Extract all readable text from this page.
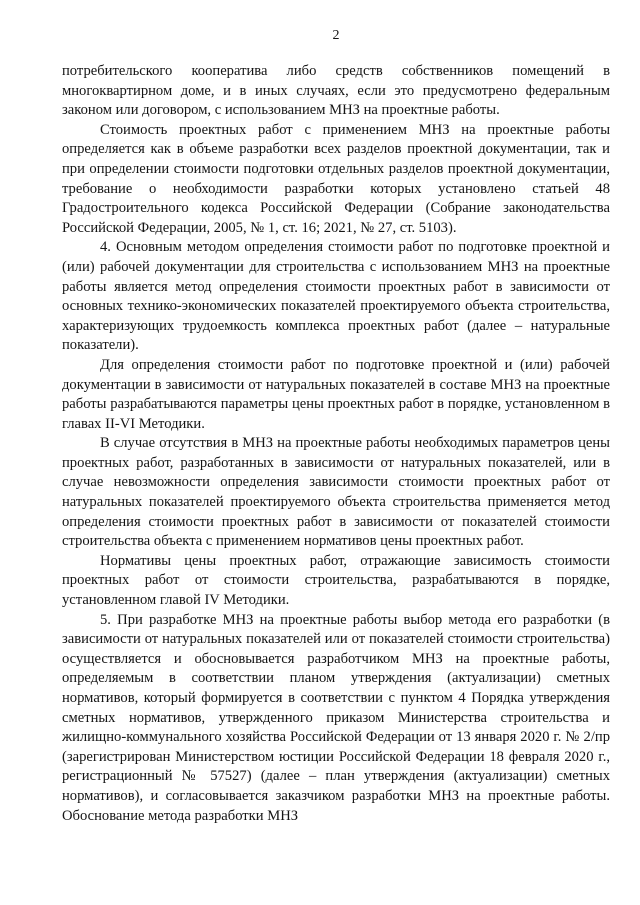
2

потребительского кооператива либо средств собственников помещений в многоквартирном доме, и в иных случаях, если это предусмотрено федеральным законом или договором, с использованием МНЗ на проектные работы.

Стоимость проектных работ с применением МНЗ на проектные работы определяется как в объеме разработки всех разделов проектной документации, так и при определении стоимости подготовки отдельных разделов проектной документации, требование о необходимости разработки которых установлено статьей 48 Градостроительного кодекса Российской Федерации (Собрание законодательства Российской Федерации, 2005, № 1, ст. 16; 2021, № 27, ст. 5103).

4. Основным методом определения стоимости работ по подготовке проектной и (или) рабочей документации для строительства с использованием МНЗ на проектные работы является метод определения стоимости проектных работ в зависимости от основных технико-экономических показателей проектируемого объекта строительства, характеризующих трудоемкость комплекса проектных работ (далее – натуральные показатели).

Для определения стоимости работ по подготовке проектной и (или) рабочей документации в зависимости от натуральных показателей в составе МНЗ на проектные работы разрабатываются параметры цены проектных работ в порядке, установленном в главах II-VI Методики.

В случае отсутствия в МНЗ на проектные работы необходимых параметров цены проектных работ, разработанных в зависимости от натуральных показателей, или в случае невозможности определения зависимости стоимости проектных работ от натуральных показателей проектируемого объекта строительства применяется метод определения стоимости проектных работ в зависимости от показателей стоимости строительства объекта с применением нормативов цены проектных работ.

Нормативы цены проектных работ, отражающие зависимость стоимости проектных работ от стоимости строительства, разрабатываются в порядке, установленном главой IV Методики.

5. При разработке МНЗ на проектные работы выбор метода его разработки (в зависимости от натуральных показателей или от показателей стоимости строительства) осуществляется и обосновывается разработчиком МНЗ на проектные работы, определяемым в соответствии планом утверждения (актуализации) сметных нормативов, который формируется в соответствии с пунктом 4 Порядка утверждения сметных нормативов, утвержденного приказом Министерства строительства и жилищно-коммунального хозяйства Российской Федерации от 13 января 2020 г. № 2/пр (зарегистрирован Министерством юстиции Российской Федерации 18 февраля 2020 г., регистрационный № 57527) (далее – план утверждения (актуализации) сметных нормативов), и согласовывается заказчиком разработки МНЗ на проектные работы. Обоснование метода разработки МНЗ
